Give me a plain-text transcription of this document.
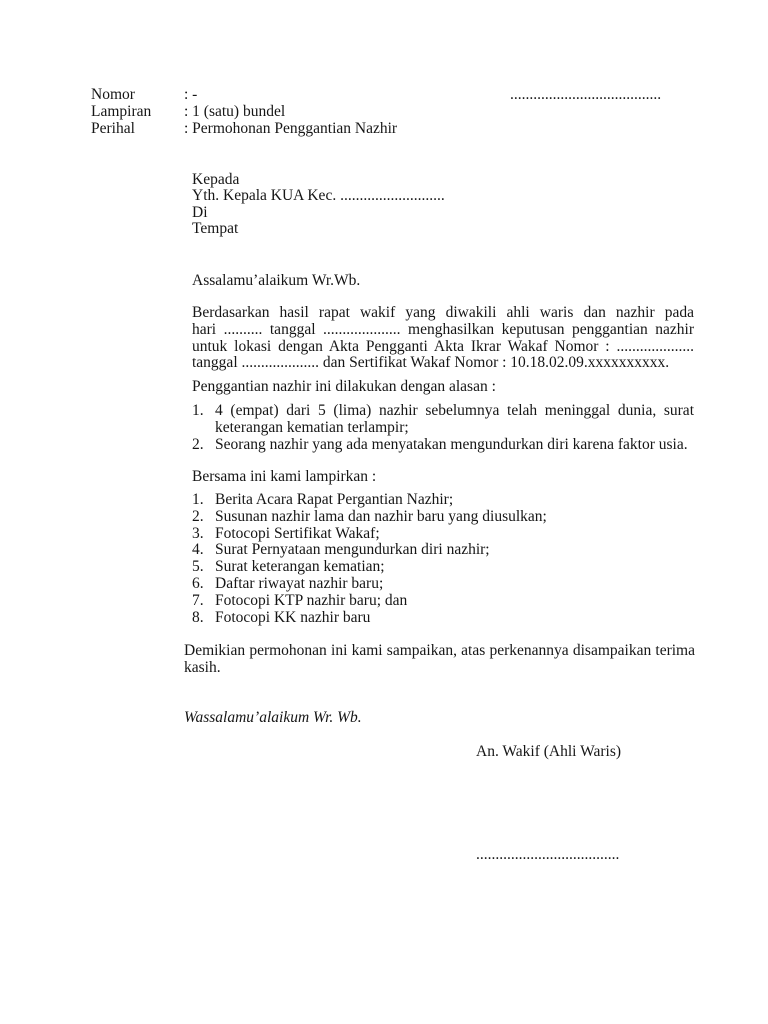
Nomor	: -
Lampiran	: 1 (satu) bundel
Perihal	: Permohonan Penggantian Nazhir
.......................................
Kepada
Yth. Kepala KUA Kec. ...........................
Di
Tempat
Assalamu’alaikum Wr.Wb.
Berdasarkan hasil rapat wakif yang diwakili ahli waris dan nazhir pada
hari .......... tanggal .................... menghasilkan keputusan penggantian nazhir
untuk lokasi dengan Akta Pengganti Akta Ikrar Wakaf Nomor : ....................
tanggal .................... dan Sertifikat Wakaf Nomor : 10.18.02.09.xxxxxxxxxx.
Penggantian nazhir ini dilakukan dengan alasan :
1. 4 (empat) dari 5 (lima) nazhir sebelumnya telah meninggal dunia, surat
keterangan kematian terlampir;
2. Seorang nazhir yang ada menyatakan mengundurkan diri karena faktor usia.
Bersama ini kami lampirkan :
1. Berita Acara Rapat Pergantian Nazhir;
2. Susunan nazhir lama dan nazhir baru yang diusulkan;
3. Fotocopi Sertifikat Wakaf;
4. Surat Pernyataan mengundurkan diri nazhir;
5. Surat keterangan kematian;
6. Daftar riwayat nazhir baru;
7. Fotocopi KTP nazhir baru; dan
8. Fotocopi KK nazhir baru
Demikian permohonan ini kami sampaikan, atas perkenannya disampaikan terima
kasih.
Wassalamu’alaikum Wr. Wb.
An. Wakif (Ahli Waris)
.....................................
